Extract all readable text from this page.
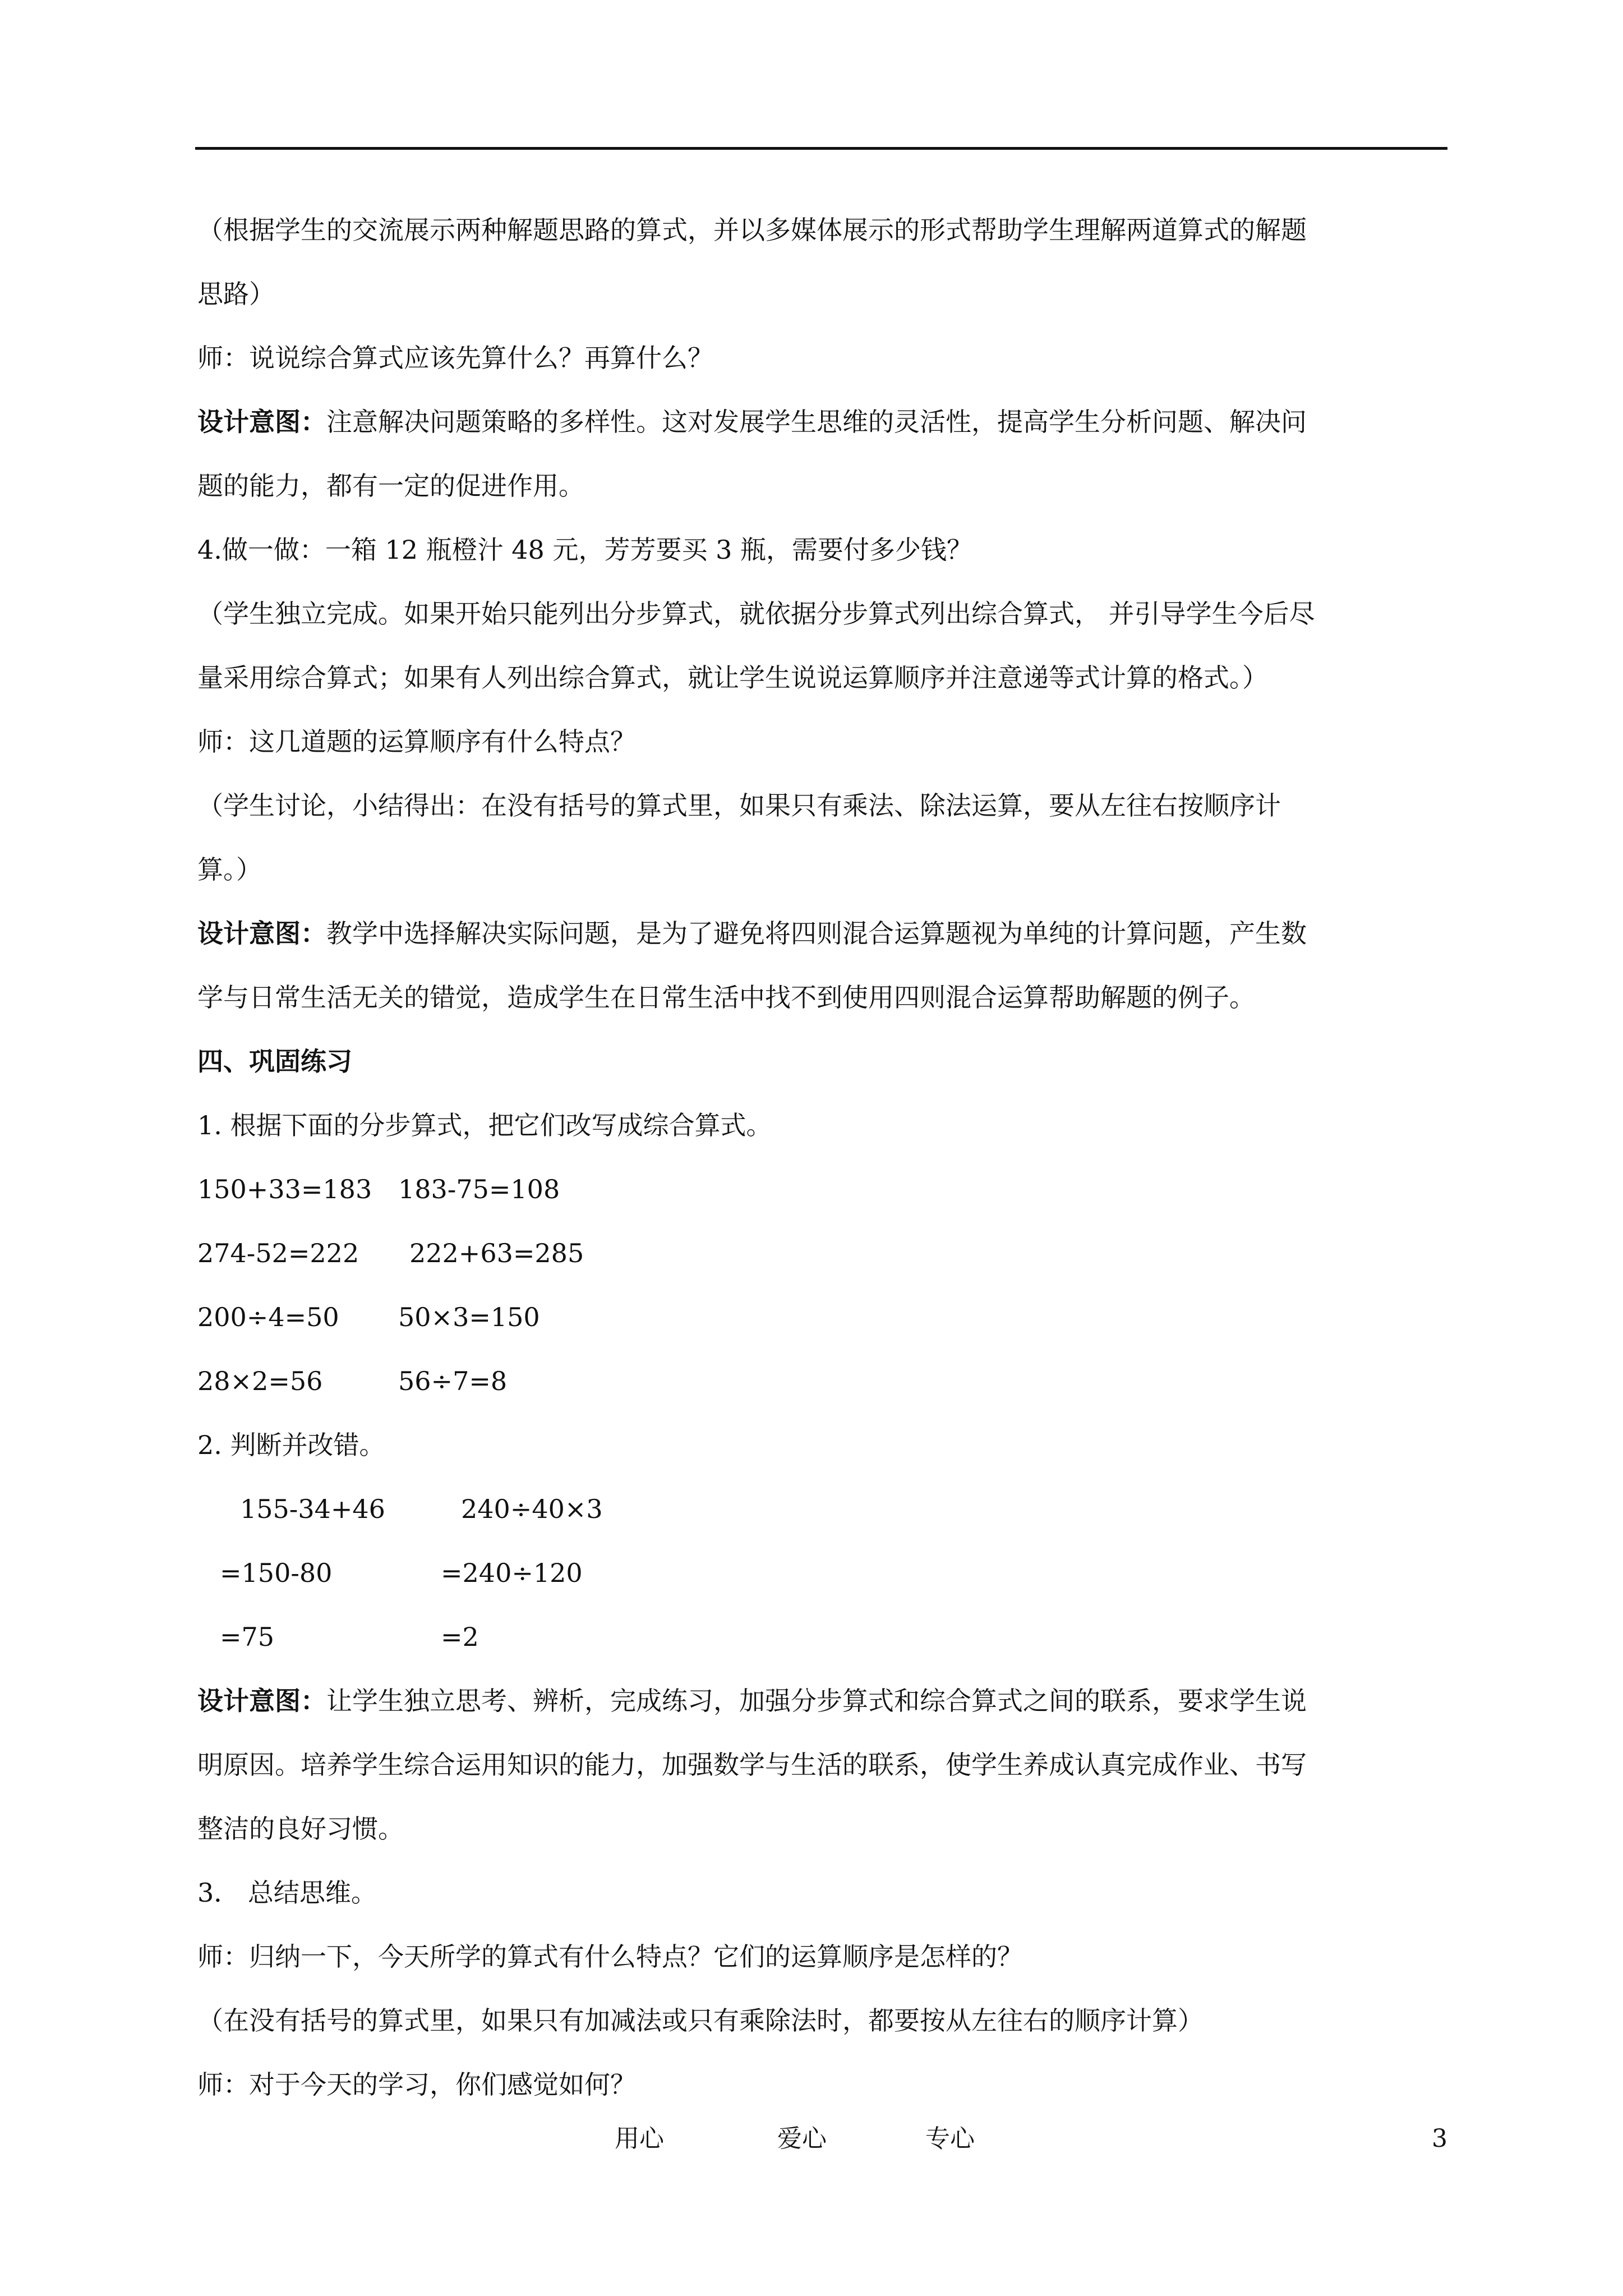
（根据学生的交流展示两种解题思路的算式，并以多媒体展示的形式帮助学生理解两道算式的解题
思路）
师：说说综合算式应该先算什么？再算什么？
设计意图：注意解决问题策略的多样性。这对发展学生思维的灵活性，提高学生分析问题、解决问
题的能力，都有一定的促进作用。
4.做一做：一箱 12 瓶橙汁 48 元，芳芳要买 3 瓶，需要付多少钱？
（学生独立完成。如果开始只能列出分步算式，就依据分步算式列出综合算式， 并引导学生今后尽
量采用综合算式；如果有人列出综合算式，就让学生说说运算顺序并注意递等式计算的格式。）
师：这几道题的运算顺序有什么特点？
（学生讨论，小结得出：在没有括号的算式里，如果只有乘法、除法运算，要从左往右按顺序计
算。）
设计意图：教学中选择解决实际问题，是为了避免将四则混合运算题视为单纯的计算问题，产生数
学与日常生活无关的错觉，造成学生在日常生活中找不到使用四则混合运算帮助解题的例子。
四、巩固练习
1. 根据下面的分步算式，把它们改写成综合算式。
150+33=183 183-75=108
274-52=222 222+63=285
200÷4=50 50×3=150
28×2=56	56÷7=8
2. 判断并改错。
155-34+46	240÷40×3
=150-80	=240÷120
=75	=2
设计意图：让学生独立思考、辨析，完成练习，加强分步算式和综合算式之间的联系，要求学生说
明原因。培养学生综合运用知识的能力，加强数学与生活的联系，使学生养成认真完成作业、书写
整洁的良好习惯。
3． 总结思维。
师：归纳一下，今天所学的算式有什么特点？它们的运算顺序是怎样的？
（在没有括号的算式里，如果只有加减法或只有乘除法时，都要按从左往右的顺序计算）
师：对于今天的学习，你们感觉如何？
用心	爱心	专心	3
